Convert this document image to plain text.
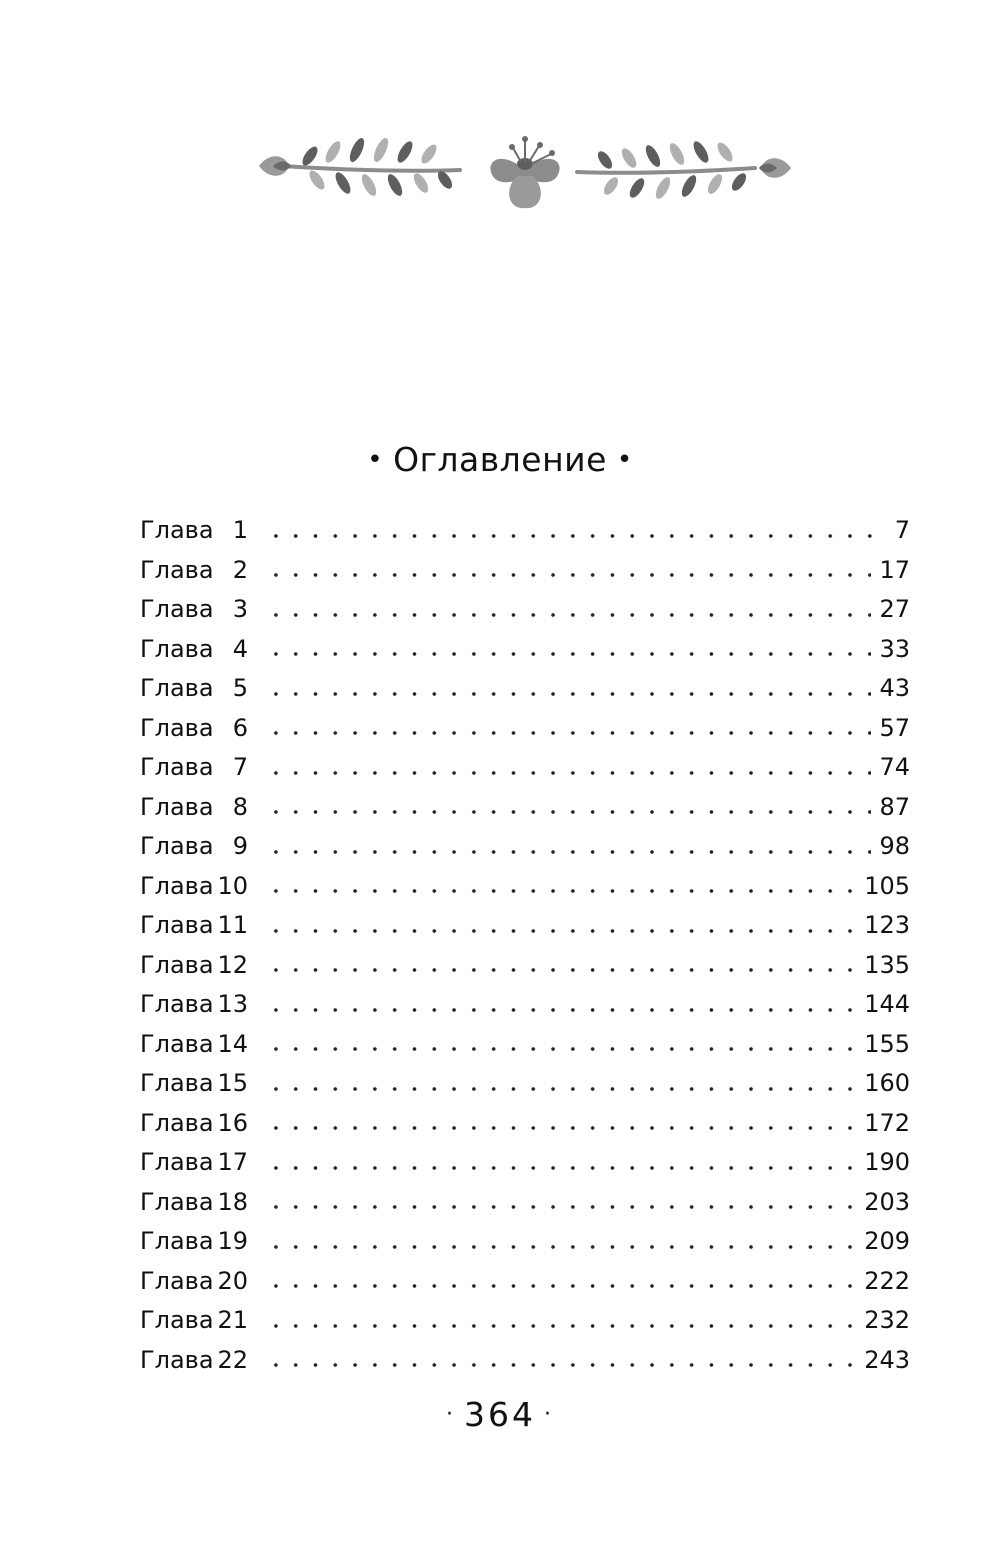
• Оглавление •
Глава 1	7
Глава 2	17
Глава 3	27
Глава 4	33
Глава 5	43
Глава 6	57
Глава 7	74
Глава 8	87
Глава 9	98
Глава 10	105
Глава 11	123
Глава 12	135
Глава 13	144
Глава 14	155
Глава 15	160
Глава 16	172
Глава 17	190
Глава 18	203
Глава 19	209
Глава 20	222
Глава 21	232
Глава 22	243
· 364 ·
